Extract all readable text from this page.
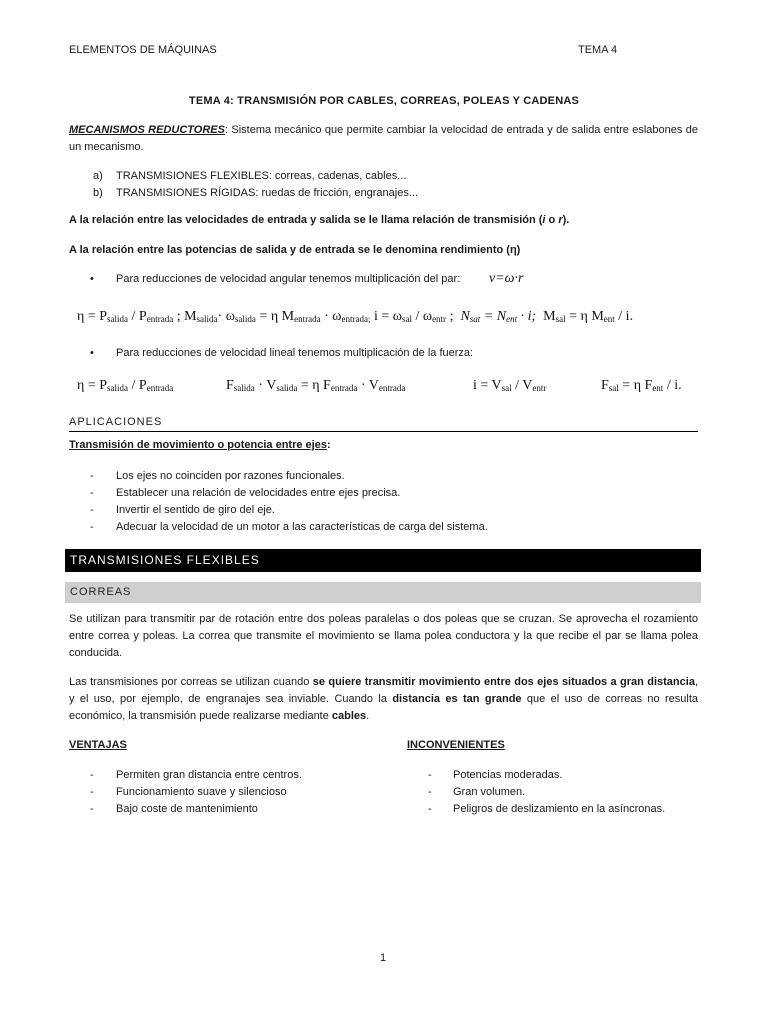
ELEMENTOS DE MÁQUINAS	TEMA 4
TEMA 4: TRANSMISIÓN POR CABLES, CORREAS, POLEAS Y CADENAS
MECANISMOS REDUCTORES: Sistema mecánico que permite cambiar la velocidad de entrada y de salida entre eslabones de un mecanismo.
a) TRANSMISIONES FLEXIBLES: correas, cadenas, cables...
b) TRANSMISIONES RÍGIDAS: ruedas de fricción, engranajes...
A la relación entre las velocidades de entrada y salida se le llama relación de transmisión (i o r).
A la relación entre las potencias de salida y de entrada se le denomina rendimiento (η)
• Para reducciones de velocidad angular tenemos multiplicación del par: v=ω·r
$\eta = P_{salida} / P_{entrada}$ ; $M_{salida}\cdot \omega_{salida} = \eta$ $M_{entrada} \cdot \omega_{entrada;}$ $i = \omega_{sal} / \omega_{entr}$ ; $N_{sat} = N_{ent} \cdot i$; $M_{sal} = \eta$ $M_{ent}$ / i.
• Para reducciones de velocidad lineal tenemos multiplicación de la fuerza:
$\eta = P_{salida} / P_{entrada}$	$F_{salida} \cdot V_{salida} = \eta$ $F_{entrada} \cdot V_{entrada}$	$i = V_{sal} / V_{entr}$	$F_{sal} = \eta$ $F_{ent}$ / i.
APLICACIONES
Transmisión de movimiento o potencia entre ejes:
- Los ejes no coinciden por razones funcionales.
- Establecer una relación de velocidades entre ejes precisa.
- Invertir el sentido de giro del eje.
- Adecuar la velocidad de un motor a las características de carga del sistema.
TRANSMISIONES FLEXIBLES
CORREAS
Se utilizan para transmitir par de rotación entre dos poleas paralelas o dos poleas que se cruzan. Se aprovecha el rozamiento entre correa y poleas. La correa que transmite el movimiento se llama polea conductora y la que recibe el par se llama polea conducida.
Las transmisiones por correas se utilizan cuando se quiere transmitir movimiento entre dos ejes situados a gran distancia, y el uso, por ejemplo, de engranajes sea inviable. Cuando la distancia es tan grande que el uso de correas no resulta económico, la transmisión puede realizarse mediante cables.
VENTAJAS	INCONVENIENTES
- Permiten gran distancia entre centros.
- Funcionamiento suave y silencioso
- Bajo coste de mantenimiento
- Potencias moderadas.
- Gran volumen.
- Peligros de deslizamiento en la asíncronas.
1
